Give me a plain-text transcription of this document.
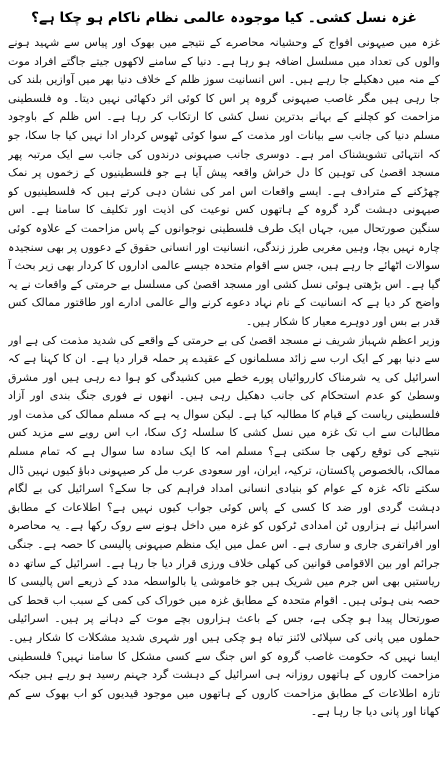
غزہ نسل کشی۔ کیا موجودہ عالمی نظام ناکام ہو چکا ہے؟

غزہ میں صیہونی افواج کے وحشیانہ محاصرے کے نتیجے میں بھوک اور پیاس سے شہید ہونے والوں کی تعداد میں مسلسل اضافہ ہو رہا ہے۔ دنیا کے سامنے لاکھوں جیتے جاگتے افراد موت کے منہ میں دھکیلے جا رہے ہیں۔ اس انسانیت سوز ظلم کے خلاف دنیا بھر میں آوازیں بلند کی جا رہی ہیں مگر غاصب صیہونی گروہ پر اس کا کوئی اثر دکھائی نہیں دیتا۔ وہ فلسطینی مزاحمت کو کچلنے کے بہانے بدترین نسل کشی کا ارتکاب کر رہا ہے۔ اس ظلم کے باوجود مسلم دنیا کی جانب سے بیانات اور مذمت کے سوا کوئی ٹھوس کردار ادا نہیں کیا جا سکا، جو کہ انتہائی تشویشناک امر ہے۔ دوسری جانب صیہونی درندوں کی جانب سے ایک مرتبہ پھر مسجد اقصیٰ کی توہین کا دل خراش واقعہ پیش آیا ہے جو فلسطینیوں کے زخموں پر نمک چھڑکنے کے مترادف ہے۔ ایسے واقعات اس امر کی نشان دہی کرتے ہیں کہ فلسطینیوں کو صیہونی دہشت گرد گروہ کے ہاتھوں کس نوعیت کی اذیت اور تکلیف کا سامنا ہے۔ اس سنگین صورتحال میں، جہاں ایک طرف فلسطینی نوجوانوں کے پاس مزاحمت کے علاوہ کوئی چارہ نہیں بچا، وہیں مغربی طرز زندگی، انسانیت اور انسانی حقوق کے دعووں پر بھی سنجیدہ سوالات اٹھائے جا رہے ہیں، جس سے اقوام متحدہ جیسے عالمی اداروں کا کردار بھی زیر بحث آ گیا ہے۔ اس بڑھتی ہوئی نسل کشی اور مسجد اقصیٰ کی مسلسل بے حرمتی کے واقعات نے یہ واضح کر دیا ہے کہ انسانیت کے نام نہاد دعوے کرنے والے عالمی ادارے اور طاقتور ممالک کس قدر بے بس اور دوہرے معیار کا شکار ہیں۔

وزیر اعظم شہباز شریف نے مسجد اقصیٰ کی بے حرمتی کے واقعے کی شدید مذمت کی ہے اور سے دنیا بھر کے ایک ارب سے زائد مسلمانوں کے عقیدے پر حملہ قرار دیا ہے۔ ان کا کہنا ہے کہ اسرائیل کی یہ شرمناک کارروائیاں پورے خطے میں کشیدگی کو ہوا دے رہی ہیں اور مشرق وسطیٰ کو عدم استحکام کی جانب دھکیل رہی ہیں۔ انھوں نے فوری جنگ بندی اور آزاد فلسطینی ریاست کے قیام کا مطالبہ کیا ہے۔ لیکن سوال یہ ہے کہ مسلم ممالک کی مذمت اور مطالبات سے اب تک غزہ میں نسل کشی کا سلسلہ رُک سکا، اب اس رویے سے مزید کس نتیجے کی توقع رکھی جا سکتی ہے؟ مسلم امہ کا ایک سادہ سا سوال ہے کہ تمام مسلم ممالک، بالخصوص پاکستان، ترکیہ، ایران، اور سعودی عرب مل کر صیہونی دباؤ کیوں نہیں ڈال سکتے تاکہ غزہ کے عوام کو بنیادی انسانی امداد فراہم کی جا سکے؟ اسرائیل کی بے لگام دہشت گردی اور ضد کا کسی کے پاس کوئی جواب کیوں نہیں ہے؟ اطلاعات کے مطابق اسرائیل نے ہزاروں ٹن امدادی ٹرکوں کو غزہ میں داخل ہونے سے روک رکھا ہے۔ یہ محاصرہ اور افراتفری جاری و ساری ہے۔ اس عمل میں ایک منظم صیہونی پالیسی کا حصہ ہے۔ جنگی جرائم اور بین الاقوامی قوانین کی کھلی خلاف ورزی قرار دیا جا رہا ہے۔ اسرائیل کے ساتھ دہ ریاستیں بھی اس جرم میں شریک ہیں جو خاموشی یا بالواسطہ مدد کے ذریعے اس پالیسی کا حصہ بنی ہوئی ہیں۔ اقوام متحدہ کے مطابق غزہ میں خوراک کی کمی کے سبب اب قحط کی صورتحال پیدا ہو چکی ہے، جس کے باعث ہزاروں بچے موت کے دہانے پر ہیں۔ اسرائیلی حملوں میں پانی کی سپلائی لائنز تباہ ہو چکی ہیں اور شہری شدید مشکلات کا شکار ہیں۔ ایسا نہیں کہ حکومت غاصب گروہ کو اس جنگ سے کسی مشکل کا سامنا نہیں؟ فلسطینی مزاحمت کاروں کے ہاتھوں روزانہ ہی اسرائیل کے دہشت گرد جہنم رسید ہو رہے ہیں جبکہ تازہ اطلاعات کے مطابق مزاحمت کاروں کے ہاتھوں میں موجود قیدیوں کو اب بھوک سے کم کھانا اور پانی دیا جا رہا ہے۔
